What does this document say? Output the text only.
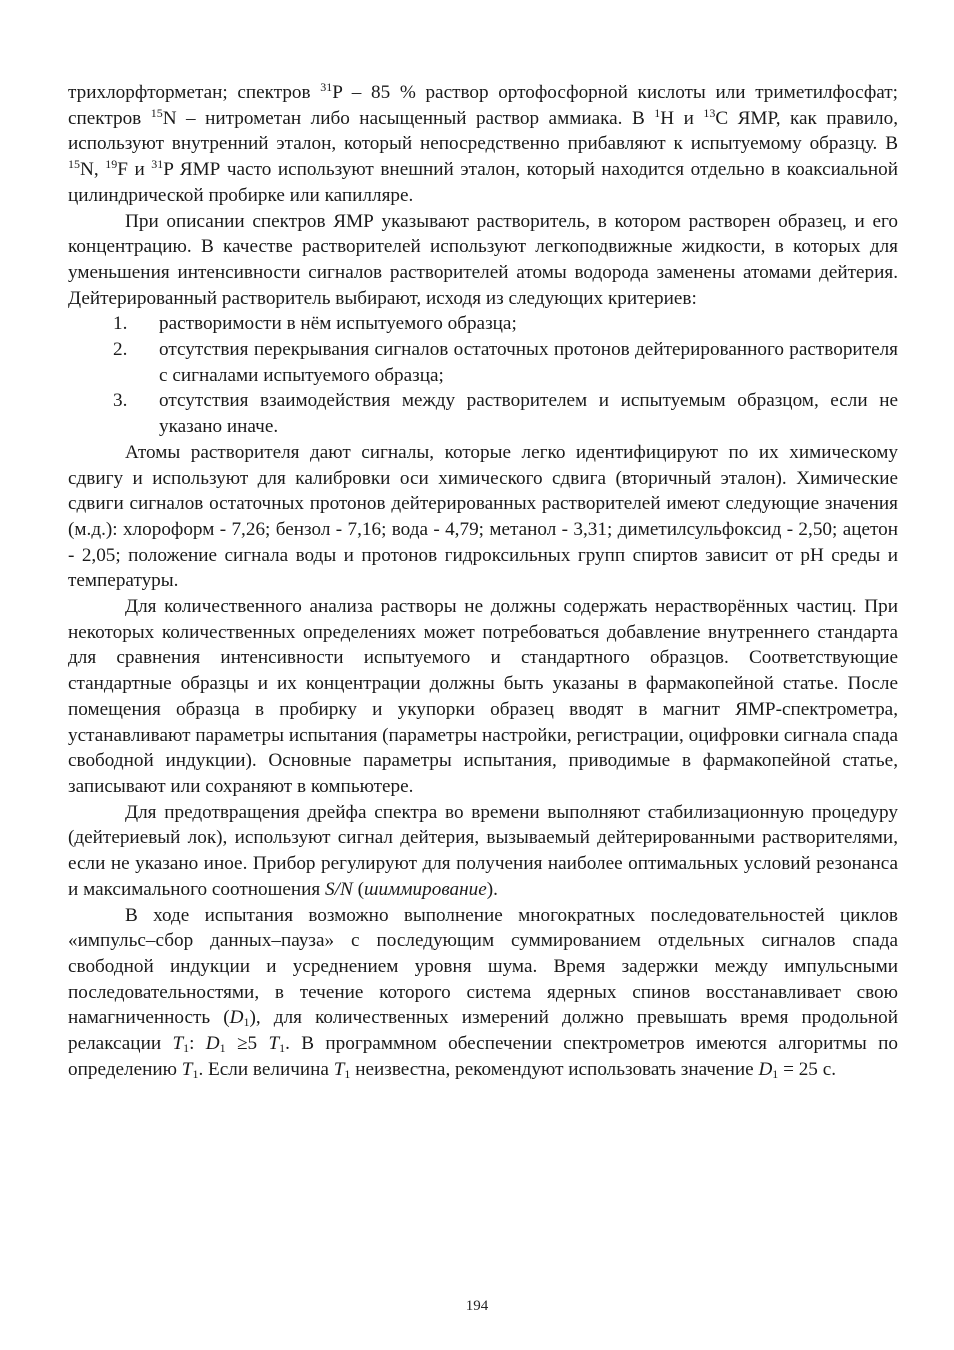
трихлорфторметан; спектров $^{31}$P – 85 % раствор ортофосфорной кислоты или триметилфосфат; спектров $^{15}$N – нитрометан либо насыщенный раствор аммиака. В $^1$H и $^{13}$C ЯМР, как правило, используют внутренний эталон, который непосредственно прибавляют к испытуемому образцу. В $^{15}$N, $^{19}$F и $^{31}$P ЯМР часто используют внешний эталон, который находится отдельно в коаксиальной цилиндрической пробирке или капилляре.

При описании спектров ЯМР указывают растворитель, в котором растворен образец, и его концентрацию. В качестве растворителей используют легкоподвижные жидкости, в которых для уменьшения интенсивности сигналов растворителей атомы водорода заменены атомами дейтерия. Дейтерированный растворитель выбирают, исходя из следующих критериев:

1. растворимости в нём испытуемого образца;
2. отсутствия перекрывания сигналов остаточных протонов дейтерированного растворителя с сигналами испытуемого образца;
3. отсутствия взаимодействия между растворителем и испытуемым образцом, если не указано иначе.

Атомы растворителя дают сигналы, которые легко идентифицируют по их химическому сдвигу и используют для калибровки оси химического сдвига (вторичный эталон). Химические сдвиги сигналов остаточных протонов дейтерированных растворителей имеют следующие значения (м.д.): хлороформ - 7,26; бензол - 7,16; вода - 4,79; метанол - 3,31; диметилсульфоксид - 2,50; ацетон - 2,05; положение сигнала воды и протонов гидроксильных групп спиртов зависит от pH среды и температуры.

Для количественного анализа растворы не должны содержать нерастворённых частиц. При некоторых количественных определениях может потребоваться добавление внутреннего стандарта для сравнения интенсивности испытуемого и стандартного образцов. Соответствующие стандартные образцы и их концентрации должны быть указаны в фармакопейной статье. После помещения образца в пробирку и укупорки образец вводят в магнит ЯМР-спектрометра, устанавливают параметры испытания (параметры настройки, регистрации, оцифровки сигнала спада свободной индукции). Основные параметры испытания, приводимые в фармакопейной статье, записывают или сохраняют в компьютере.

Для предотвращения дрейфа спектра во времени выполняют стабилизационную процедуру (дейтериевый лок), используют сигнал дейтерия, вызываемый дейтерированными растворителями, если не указано иное. Прибор регулируют для получения наиболее оптимальных условий резонанса и максимального соотношения S/N (шиммирование).

В ходе испытания возможно выполнение многократных последовательностей циклов «импульс–сбор данных–пауза» с последующим суммированием отдельных сигналов спада свободной индукции и усреднением уровня шума. Время задержки между импульсными последовательностями, в течение которого система ядерных спинов восстанавливает свою намагниченность $(D_1)$, для количественных измерений должно превышать время продольной релаксации $T_1$: $D_1 \ge 5$ $T_1$. В программном обеспечении спектрометров имеются алгоритмы по определению $T_1$. Если величина $T_1$ неизвестна, рекомендуют использовать значение $D_1 = 25$ с.

194
